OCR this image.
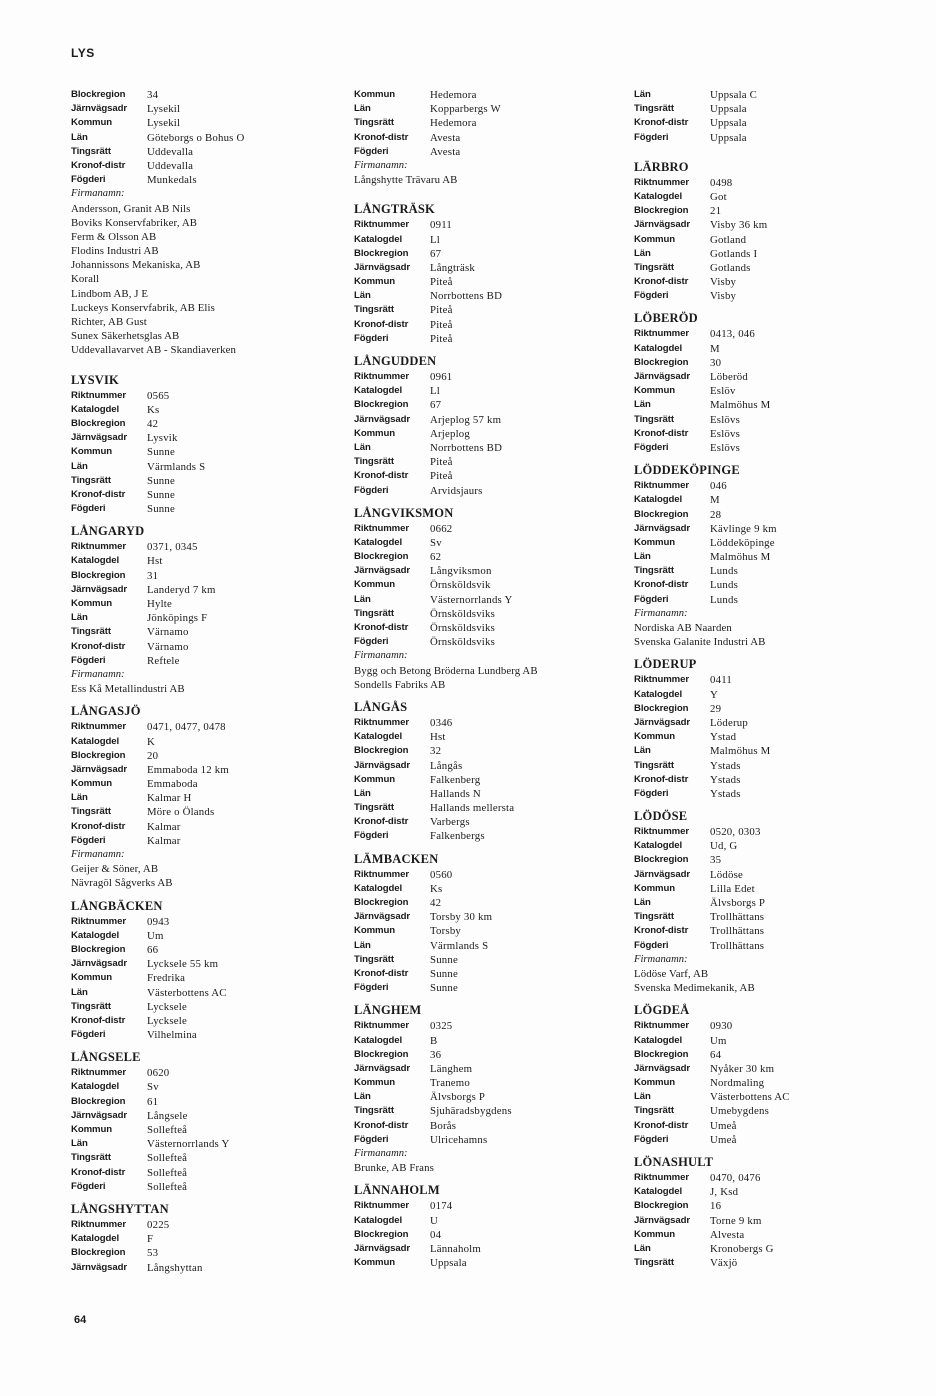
LYS
Blockregion	34
Järnvägsadr	Lysekil
Kommun	Lysekil
Län	Göteborgs o Bohus O
Tingsrätt	Uddevalla
Kronof-distr	Uddevalla
Fögderi	Munkedals
Firmanamn:
Andersson, Granit AB Nils
Boviks Konservfabriker, AB
Ferm & Olsson AB
Flodins Industri AB
Johannissons Mekaniska, AB
Korall
Lindbom AB, J E
Luckeys Konservfabrik, AB Elis
Richter, AB Gust
Sunex Säkerhetsglas AB
Uddevallavarvet AB - Skandiaverken
LYSVIK
Riktnummer	0565
Katalogdel	Ks
Blockregion	42
Järnvägsadr	Lysvik
Kommun	Sunne
Län	Värmlands S
Tingsrätt	Sunne
Kronof-distr	Sunne
Fögderi	Sunne
LÅNGARYD
Riktnummer	0371, 0345
Katalogdel	Hst
Blockregion	31
Järnvägsadr	Landeryd 7 km
Kommun	Hylte
Län	Jönköpings F
Tingsrätt	Värnamo
Kronof-distr	Värnamo
Fögderi	Reftele
Firmanamn:
Ess Kå Metallindustri AB
LÅNGASJÖ
Riktnummer	0471, 0477, 0478
Katalogdel	K
Blockregion	20
Järnvägsadr	Emmaboda 12 km
Kommun	Emmaboda
Län	Kalmar H
Tingsrätt	Möre o Ölands
Kronof-distr	Kalmar
Fögderi	Kalmar
Firmanamn:
Geijer & Söner, AB
Nävragöl Sågverks AB
LÅNGBÄCKEN
Riktnummer	0943
Katalogdel	Um
Blockregion	66
Järnvägsadr	Lycksele 55 km
Kommun	Fredrika
Län	Västerbottens AC
Tingsrätt	Lycksele
Kronof-distr	Lycksele
Fögderi	Vilhelmina
LÅNGSELE
Riktnummer	0620
Katalogdel	Sv
Blockregion	61
Järnvägsadr	Långsele
Kommun	Sollefteå
Län	Västernorrlands Y
Tingsrätt	Sollefteå
Kronof-distr	Sollefteå
Fögderi	Sollefteå
LÅNGSHYTTAN
Riktnummer	0225
Katalogdel	F
Blockregion	53
Järnvägsadr	Långshyttan
Kommun	Hedemora
Län	Kopparbergs W
Tingsrätt	Hedemora
Kronof-distr	Avesta
Fögderi	Avesta
Firmanamn:
Långshytte Trävaru AB
LÅNGTRÄSK
Riktnummer	0911
Katalogdel	Ll
Blockregion	67
Järnvägsadr	Långträsk
Kommun	Piteå
Län	Norrbottens BD
Tingsrätt	Piteå
Kronof-distr	Piteå
Fögderi	Piteå
LÅNGUDDEN
Riktnummer	0961
Katalogdel	Ll
Blockregion	67
Järnvägsadr	Arjeplog 57 km
Kommun	Arjeplog
Län	Norrbottens BD
Tingsrätt	Piteå
Kronof-distr	Piteå
Fögderi	Arvidsjaurs
LÅNGVIKSMON
Riktnummer	0662
Katalogdel	Sv
Blockregion	62
Järnvägsadr	Långviksmon
Kommun	Örnsköldsvik
Län	Västernorrlands Y
Tingsrätt	Örnsköldsviks
Kronof-distr	Örnsköldsviks
Fögderi	Örnsköldsviks
Firmanamn:
Bygg och Betong Bröderna Lundberg AB
Sondells Fabriks AB
LÅNGÅS
Riktnummer	0346
Katalogdel	Hst
Blockregion	32
Järnvägsadr	Långås
Kommun	Falkenberg
Län	Hallands N
Tingsrätt	Hallands mellersta
Kronof-distr	Varbergs
Fögderi	Falkenbergs
LÄMBACKEN
Riktnummer	0560
Katalogdel	Ks
Blockregion	42
Järnvägsadr	Torsby 30 km
Kommun	Torsby
Län	Värmlands S
Tingsrätt	Sunne
Kronof-distr	Sunne
Fögderi	Sunne
LÄNGHEM
Riktnummer	0325
Katalogdel	B
Blockregion	36
Järnvägsadr	Länghem
Kommun	Tranemo
Län	Älvsborgs P
Tingsrätt	Sjuhäradsbygdens
Kronof-distr	Borås
Fögderi	Ulricehamns
Firmanamn:
Brunke, AB Frans
LÄNNAHOLM
Riktnummer	0174
Katalogdel	U
Blockregion	04
Järnvägsadr	Lännaholm
Kommun	Uppsala
Län	Uppsala C
Tingsrätt	Uppsala
Kronof-distr	Uppsala
Fögderi	Uppsala
LÄRBRO
Riktnummer	0498
Katalogdel	Got
Blockregion	21
Järnvägsadr	Visby 36 km
Kommun	Gotland
Län	Gotlands I
Tingsrätt	Gotlands
Kronof-distr	Visby
Fögderi	Visby
LÖBERÖD
Riktnummer	0413, 046
Katalogdel	M
Blockregion	30
Järnvägsadr	Löberöd
Kommun	Eslöv
Län	Malmöhus M
Tingsrätt	Eslövs
Kronof-distr	Eslövs
Fögderi	Eslövs
LÖDDEKÖPINGE
Riktnummer	046
Katalogdel	M
Blockregion	28
Järnvägsadr	Kävlinge 9 km
Kommun	Löddeköpinge
Län	Malmöhus M
Tingsrätt	Lunds
Kronof-distr	Lunds
Fögderi	Lunds
Firmanamn:
Nordiska AB Naarden
Svenska Galanite Industri AB
LÖDERUP
Riktnummer	0411
Katalogdel	Y
Blockregion	29
Järnvägsadr	Löderup
Kommun	Ystad
Län	Malmöhus M
Tingsrätt	Ystads
Kronof-distr	Ystads
Fögderi	Ystads
LÖDÖSE
Riktnummer	0520, 0303
Katalogdel	Ud, G
Blockregion	35
Järnvägsadr	Lödöse
Kommun	Lilla Edet
Län	Älvsborgs P
Tingsrätt	Trollhättans
Kronof-distr	Trollhättans
Fögderi	Trollhättans
Firmanamn:
Lödöse Varf, AB
Svenska Medimekanik, AB
LÖGDEÅ
Riktnummer	0930
Katalogdel	Um
Blockregion	64
Järnvägsadr	Nyåker 30 km
Kommun	Nordmaling
Län	Västerbottens AC
Tingsrätt	Umebygdens
Kronof-distr	Umeå
Fögderi	Umeå
LÖNASHULT
Riktnummer	0470, 0476
Katalogdel	J, Ksd
Blockregion	16
Järnvägsadr	Torne 9 km
Kommun	Alvesta
Län	Kronobergs G
Tingsrätt	Växjö
64
